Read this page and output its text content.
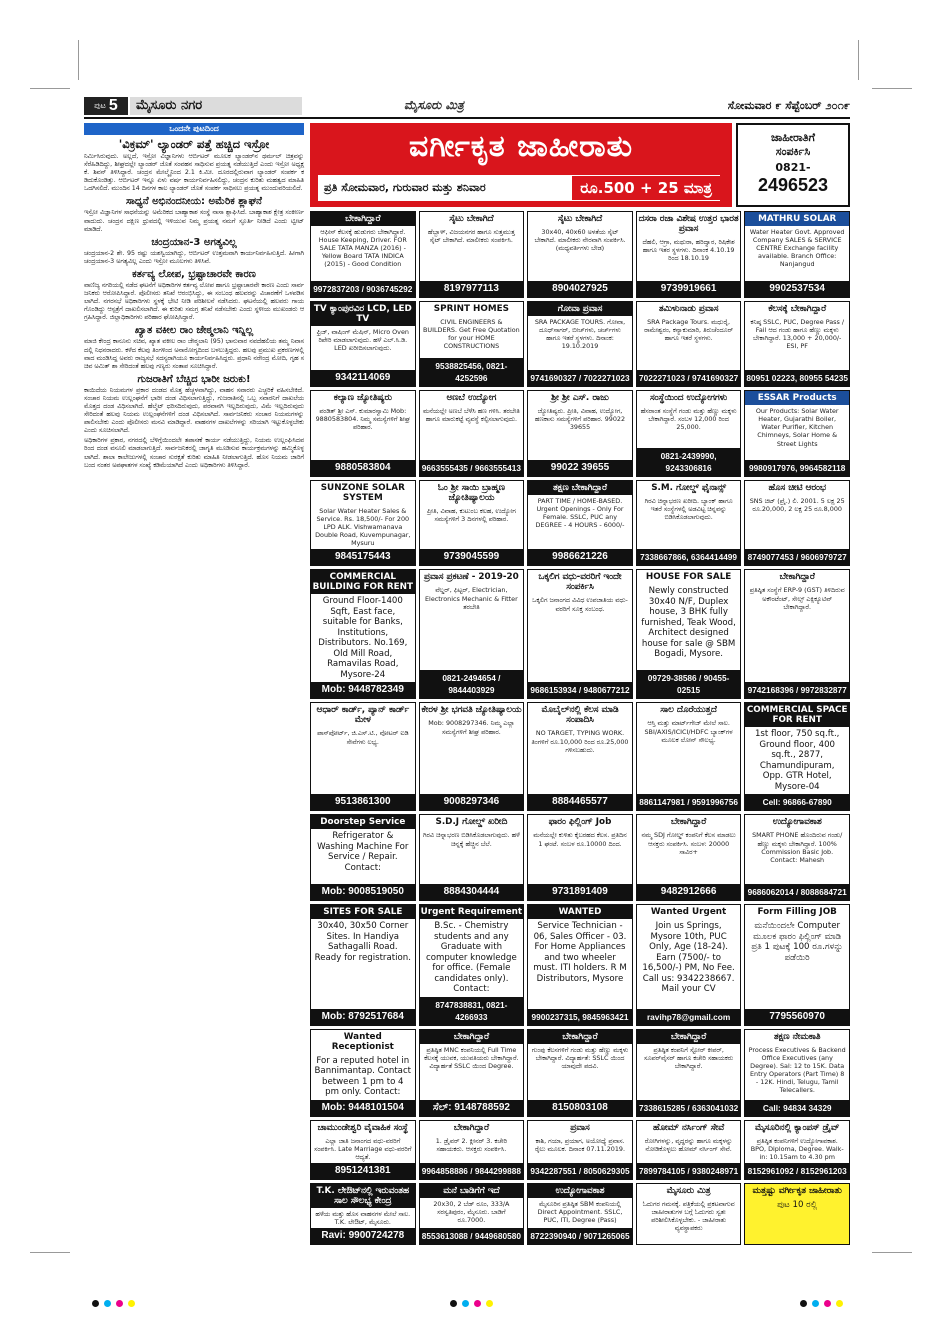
ಪುಟ 5	ಮೈಸೂರು ನಗರ	ಮೈಸೂರು ಮಿತ್ರ	ಸೋಮವಾರ ೯ ಸೆಪ್ಟೆಂಬರ್ ೨೦೧೯
ಒಂದನೇ ಪುಟದಿಂದ
'ವಿಕ್ರಮ್' ಲ್ಯಾಂಡರ್ ಪತ್ತೆ ಹಚ್ಚಿದ ಇಸ್ರೋ

ನಿರ್ಮಿಸಿರುವುದು. ಅಲ್ಲದೆ, ಇಸ್ರೋ ವಿಜ್ಞಾನಿಗಳು ಆರ್ಬಿಟರ್ ಮೂಲಕ ಲ್ಯಾಂಡರ್‌ನ ಥರ್ಮಲ್ ಚಿತ್ರವನ್ನು ಸೆರೆಹಿಡಿದಿದ್ದು, ಶೀಘ್ರದಲ್ಲೇ ಲ್ಯಾಂಡರ್ ಜೊತೆ ಸಂವಹನ ಸಾಧಿಸುವ ಪ್ರಯತ್ನ ನಡೆಯುತ್ತಿದೆ ಎಂದು ಇಸ್ರೋ ಅಧ್ಯಕ್ಷ ಕೆ. ಶಿವನ್ ತಿಳಿಸಿದ್ದಾರೆ. ಚಂದ್ರನ ಮೇಲ್ಮೈನಿಂದ 2.1 ಕಿ.ಮೀ. ದೂರದಲ್ಲಿರುವಾಗ ಲ್ಯಾಂಡರ್ ಸಂಪರ್ಕ ಕಡಿದುಕೊಂಡಿತ್ತು. ಆರ್ಬಿಟರ್ ಇನ್ನೂ ಏಳು ವರ್ಷ ಕಾರ್ಯನಿರ್ವಹಿಸಲಿದ್ದು, ಚಂದ್ರನ ಕುರಿತು ಮಹತ್ವದ ಮಾಹಿತಿ ಒದಗಿಸಲಿದೆ. ಮುಂದಿನ 14 ದಿನಗಳ ಕಾಲ ಲ್ಯಾಂಡರ್ ಜೊತೆ ಸಂಪರ್ಕ ಸಾಧಿಸಲು ಪ್ರಯತ್ನ ಮುಂದುವರಿಯಲಿದೆ.

ಸಾಧ್ಯನೆ ಅಭಿನಂದನೀಯ: ಅಮೆರಿಕ ಶ್ಲಾಘನೆ

ಇಸ್ರೋ ವಿಜ್ಞಾನಿಗಳ ಸಾಧನೆಯನ್ನು ಅಮೆರಿಕದ ಬಾಹ್ಯಾಕಾಶ ಸಂಸ್ಥೆ ನಾಸಾ ಶ್ಲಾಘಿಸಿದೆ. ಬಾಹ್ಯಾಕಾಶ ಕ್ಷೇತ್ರ ಸಂಕೀರ್ಣವಾದುದು. ಚಂದ್ರನ ದಕ್ಷಿಣ ಧ್ರುವದಲ್ಲಿ ಇಳಿಯುವ ನಿಮ್ಮ ಪ್ರಯತ್ನ ನಮಗೆ ಸ್ಫೂರ್ತಿ ನೀಡಿದೆ ಎಂದು ಟ್ವೀಟ್ ಮಾಡಿದೆ.

ಚಂದ್ರಯಾನ-3 ಅಗತ್ಯವಿಲ್ಲ

ಚಂದ್ರಯಾನ-2 ಶೇ. 95 ರಷ್ಟು ಯಶಸ್ವಿಯಾಗಿದ್ದು, ಆರ್ಬಿಟರ್ ಉತ್ತಮವಾಗಿ ಕಾರ್ಯನಿರ್ವಹಿಸುತ್ತಿದೆ. ಹೀಗಾಗಿ ಚಂದ್ರಯಾನ-3 ಅಗತ್ಯವಿಲ್ಲ ಎಂದು ಇಸ್ರೋ ಮೂಲಗಳು ತಿಳಿಸಿವೆ.

ಕರ್ತವ್ಯ ಲೋಪ, ಭ್ರಷ್ಟಾಚಾರವೇ ಕಾರಣ

ವಾಣಿಜ್ಯ ನಗರಿಯಲ್ಲಿ ನಡೆದ ಘಟನೆಗೆ ಅಧಿಕಾರಿಗಳ ಕರ್ತವ್ಯ ಲೋಪ ಹಾಗೂ ಭ್ರಷ್ಟಾಚಾರವೇ ಕಾರಣ ಎಂದು ಸಾರ್ವಜನಿಕರು ಆರೋಪಿಸಿದ್ದಾರೆ. ಪೊಲೀಸರು ತನಿಖೆ ಆರಂಭಿಸಿದ್ದು, ಈ ಸಂಬಂಧ ಹಲವರನ್ನು ವಿಚಾರಣೆಗೆ ಒಳಪಡಿಸಲಾಗಿದೆ. ನಗರಸಭೆ ಅಧಿಕಾರಿಗಳು ಸ್ಥಳಕ್ಕೆ ಭೇಟಿ ನೀಡಿ ಪರಿಶೀಲನೆ ನಡೆಸಿದರು. ಘಟನೆಯಲ್ಲಿ ಹಲವರು ಗಾಯಗೊಂಡಿದ್ದು ಆಸ್ಪತ್ರೆಗೆ ದಾಖಲಿಸಲಾಗಿದೆ. ಈ ಕುರಿತು ಸಮಗ್ರ ತನಿಖೆ ನಡೆಸಬೇಕು ಎಂದು ಸ್ಥಳೀಯ ಮುಖಂಡರು ಆಗ್ರಹಿಸಿದ್ದಾರೆ. ಜಿಲ್ಲಾಧಿಕಾರಿಗಳು ಪರಿಹಾರ ಘೋಷಿಸಿದ್ದಾರೆ.

ಖ್ಯಾತ ವಕೀಲ ರಾಂ ಜೇಠ್ಮಲಾನಿ ಇನ್ನಿಲ್ಲ

ಮಾಜಿ ಕೇಂದ್ರ ಕಾನೂನು ಸಚಿವ, ಖ್ಯಾತ ವಕೀಲ ರಾಂ ಜೇಠ್ಮಲಾನಿ (95) ಭಾನುವಾರ ನವದೆಹಲಿಯ ತಮ್ಮ ನಿವಾಸದಲ್ಲಿ ನಿಧನರಾದರು. ಕಳೆದ ಕೆಲವು ತಿಂಗಳಿಂದ ಅನಾರೋಗ್ಯದಿಂದ ಬಳಲುತ್ತಿದ್ದರು. ಹಲವು ಪ್ರಮುಖ ಪ್ರಕರಣಗಳಲ್ಲಿ ವಾದ ಮಂಡಿಸಿದ್ದ ಅವರು ರಾಜ್ಯಸಭೆ ಸದಸ್ಯರಾಗಿಯೂ ಕಾರ್ಯನಿರ್ವಹಿಸಿದ್ದರು. ಪ್ರಧಾನಿ ನರೇಂದ್ರ ಮೋದಿ, ಗೃಹ ಸಚಿವ ಅಮಿತ್ ಶಾ ಸೇರಿದಂತೆ ಹಲವು ಗಣ್ಯರು ಸಂತಾಪ ಸೂಚಿಸಿದ್ದಾರೆ.

ಗುಜರಾತಿಗೆ ಬೆಚ್ಚಿದ ಭಾರೀ ಜರುಕು!

ಕಾಯಿದೆಯ ನಿಯಮಗಳ ಪ್ರಕಾರ ದಂಡದ ಮೊತ್ತ ಹೆಚ್ಚಳವಾಗಿದ್ದು, ವಾಹನ ಸವಾರರು ಎಚ್ಚರಿಕೆ ವಹಿಸಬೇಕಿದೆ. ಸಂಚಾರ ನಿಯಮ ಉಲ್ಲಂಘನೆಗೆ ಭಾರೀ ದಂಡ ವಿಧಿಸಲಾಗುತ್ತಿದ್ದು, ಗುಜರಾತಿನಲ್ಲಿ ಒಬ್ಬ ಸವಾರನಿಗೆ ದಾಖಲೆಯ ಮೊತ್ತದ ದಂಡ ವಿಧಿಸಲಾಗಿದೆ. ಹೆಲ್ಮೆಟ್ ಧರಿಸದಿರುವುದು, ಪರವಾನಗಿ ಇಲ್ಲದಿರುವುದು, ವಿಮೆ ಇಲ್ಲದಿರುವುದು ಸೇರಿದಂತೆ ಹಲವು ನಿಯಮ ಉಲ್ಲಂಘನೆಗಳಿಗೆ ದಂಡ ವಿಧಿಸಲಾಗಿದೆ. ಸಾರ್ವಜನಿಕರು ಸಂಚಾರ ನಿಯಮಗಳನ್ನು ಪಾಲಿಸಬೇಕು ಎಂದು ಪೊಲೀಸರು ಮನವಿ ಮಾಡಿದ್ದಾರೆ. ವಾಹನಗಳ ದಾಖಲೆಗಳನ್ನು ಸರಿಯಾಗಿ ಇಟ್ಟುಕೊಳ್ಳಬೇಕು ಎಂದು ಸೂಚಿಸಲಾಗಿದೆ.

ಅಧಿಕಾರಿಗಳ ಪ್ರಕಾರ, ನಗರದಲ್ಲಿ ಬೆಳಿಗ್ಗೆಯಿಂದಲೇ ತಪಾಸಣೆ ಕಾರ್ಯ ನಡೆಯುತ್ತಿದ್ದು, ನಿಯಮ ಉಲ್ಲಂಘಿಸಿದವರಿಂದ ದಂಡ ವಸೂಲಿ ಮಾಡಲಾಗುತ್ತಿದೆ. ಸಾರ್ವಜನಿಕರಲ್ಲಿ ಜಾಗೃತಿ ಮೂಡಿಸುವ ಕಾರ್ಯಕ್ರಮಗಳನ್ನು ಹಮ್ಮಿಕೊಳ್ಳಲಾಗಿದೆ. ಶಾಲಾ ಕಾಲೇಜುಗಳಲ್ಲಿ ಸಂಚಾರ ಸುರಕ್ಷತೆ ಕುರಿತು ಮಾಹಿತಿ ನೀಡಲಾಗುತ್ತಿದೆ. ಹೊಸ ನಿಯಮ ಜಾರಿಗೆ ಬಂದ ನಂತರ ಅಪಘಾತಗಳ ಸಂಖ್ಯೆ ಕಡಿಮೆಯಾಗಿದೆ ಎಂದು ಅಧಿಕಾರಿಗಳು ತಿಳಿಸಿದ್ದಾರೆ.

ವರ್ಗೀಕೃತ ಜಾಹೀರಾತು
ಪ್ರತಿ ಸೋಮವಾರ, ಗುರುವಾರ ಮತ್ತು ಶನಿವಾರ	ರೂ.500 + 25 ಮಾತ್ರ
ಜಾಹೀರಾತಿಗೆ
ಸಂಪರ್ಕಿಸಿ
0821-
2496523
ಬೇಕಾಗಿದ್ದಾರೆ
ಆಫೀಸ್ ಕೆಲಸಕ್ಕೆ ಹುಡುಗರು ಬೇಕಾಗಿದ್ದಾರೆ. House Keeping, Driver. FOR SALE TATA MANZA (2016) - Yellow Board TATA INDICA (2015) - Good Condition
9972837203 / 9036745292
ಸೈಟು ಬೇಕಾಗಿದೆ
ಹೆಬ್ಬಾಳ್, ವಿಜಯನಗರ ಹಾಗೂ ಸುತ್ತಮುತ್ತ ಸೈಟ್ ಬೇಕಾಗಿದೆ. ಮಾಲೀಕರು ಸಂಪರ್ಕಿಸಿ.
8197977113
ಸೈಟು ಬೇಕಾಗಿದೆ
30x40, 40x60 ಅಳತೆಯ ಸೈಟ್ ಬೇಕಾಗಿದೆ. ಮಾಲೀಕರು ನೇರವಾಗಿ ಸಂಪರ್ಕಿಸಿ. (ಮಧ್ಯವರ್ತಿಗಳು ಬೇಡ)
8904027925
ದಸರಾ ರಜಾ ವಿಶೇಷ ಉತ್ತರ ಭಾರತ ಪ್ರವಾಸ
ದೆಹಲಿ, ಆಗ್ರಾ, ಮಥುರಾ, ಹರಿದ್ವಾರ, ರಿಷಿಕೇಶ ಹಾಗೂ ಇತರ ಸ್ಥಳಗಳು. ದಿನಾಂಕ 4.10.19 ರಿಂದ 18.10.19
9739919661
MATHRU SOLAR
Water Heater Govt. Approved Company SALES & SERVICE CENTRE Exchange facility available. Branch Office: Nanjangud
9902537534
TV ಕ್ಯಾಂಪುರವಿರ LCD, LED TV
ಫ್ರಿಜ್, ವಾಷಿಂಗ್ ಮೆಷಿನ್, Micro Oven ರಿಪೇರಿ ಮಾಡಲಾಗುವುದು. ಹಳೆ ಎಲ್.ಸಿ.ಡಿ. LED ಖರೀದಿಸಲಾಗುವುದು.
9342114069
SPRINT HOMES
CIVIL ENGINEERS & BUILDERS. Get Free Quotation for your HOME CONSTRUCTIONS
9538825456, 0821-4252596
ಗೋವಾ ಪ್ರವಾಸ
SRA PACKAGE TOURS. ಗೋವಾ, ದೂಧ್‌ಸಾಗರ್, ಬೀಚ್‌ಗಳು, ಚರ್ಚ್‌ಗಳು ಹಾಗೂ ಇತರೆ ಸ್ಥಳಗಳು. ದಿನಾಂಕ: 19.10.2019
9741690327 / 7022271023
ತಮಿಳುನಾಡು ಪ್ರವಾಸ
SRA Package Tours. ಮಧುರೈ, ರಾಮೇಶ್ವರಂ, ಕನ್ಯಾಕುಮಾರಿ, ತಿರುಚೆಂದೂರ್ ಹಾಗೂ ಇತರೆ ಸ್ಥಳಗಳು.
7022271023 / 9741690327
ಕೆಲಸಕ್ಕೆ ಬೇಕಾಗಿದ್ದಾರೆ
ಕನಿಷ್ಠ SSLC, PUC, Degree Pass / Fail ಆದ ಗಂಡು ಹಾಗೂ ಹೆಣ್ಣು ಮಕ್ಕಳು ಬೇಕಾಗಿದ್ದಾರೆ. 13,000 + 20,000/- ESI, PF
80951 02223, 80955 54235
ಕಲ್ಯಾಣ ಜ್ಯೋತಿಷ್ಯರು
ಪಂಡಿತ್ ಶ್ರೀ ಎಸ್. ಕುಮಾರಸ್ವಾಮಿ Mob: 9880583804. ನಿಮ್ಮ ಸಮಸ್ಯೆಗಳಿಗೆ ಶೀಘ್ರ ಪರಿಹಾರ.
9880583804
ಅಣಬೆ ಉದ್ಯೋಗ
ಮನೆಯಲ್ಲೇ ಅಣಬೆ ಬೆಳೆಸಿ ಹಣ ಗಳಿಸಿ. ತರಬೇತಿ ಹಾಗೂ ಮಾರುಕಟ್ಟೆ ವ್ಯವಸ್ಥೆ ಕಲ್ಪಿಸಲಾಗುವುದು.
9663555435 / 9663555413
ಶ್ರೀ ಶ್ರೀ ಎಸ್. ರಾಜು
ಜ್ಯೋತಿಷ್ಯರು. ಪ್ರೀತಿ, ವಿವಾಹ, ಉದ್ಯೋಗ, ಹಣಕಾಸು ಸಮಸ್ಯೆಗಳಿಗೆ ಪರಿಹಾರ. 99022 39655
99022 39655
ಸಂಸ್ಥೆಯಿಂದ ಉದ್ಯೋಗಗಳು
ಹೆಸರಾಂತ ಸಂಸ್ಥೆಗೆ ಗಂಡು ಮತ್ತು ಹೆಣ್ಣು ಮಕ್ಕಳು ಬೇಕಾಗಿದ್ದಾರೆ. ಸಂಬಳ 12,000 ರಿಂದ 25,000.
0821-2439990, 9243306816
ESSAR Products
Our Products: Solar Water Heater, Gujarathi Boiler, Water Purifier, Kitchen Chimneys, Solar Home & Street Lights
9980917976, 9964582118
SUNZONE SOLAR SYSTEM
Solar Water Heater Sales & Service. Rs. 18,500/- For 200 LPD ALK. Vishwamanava Double Road, Kuvempunagar, Mysuru
9845175443
ಓಂ ಶ್ರೀ ಸಾಯಿ ಬ್ರಾಹ್ಮಣ ಜ್ಯೋತಿಷ್ಯಾಲಯ
ಪ್ರೀತಿ, ವಿವಾಹ, ಕುಟುಂಬ ಕಲಹ, ಉದ್ಯೋಗ ಸಮಸ್ಯೆಗಳಿಗೆ 3 ದಿನಗಳಲ್ಲಿ ಪರಿಹಾರ.
9739045599
ತಕ್ಷಣ ಬೇಕಾಗಿದ್ದಾರೆ
PART TIME / HOME-BASED. Urgent Openings - Only For Female. SSLC, PUC any DEGREE - 4 HOURS - 6000/-
9986621226
S.M. ಗೋಲ್ಡ್ ಫೈನಾನ್ಸ್
ಗಿರವಿ ಚಿನ್ನಾಭರಣ ಖರೀದಿ. ಬ್ಯಾಂಕ್ ಹಾಗೂ ಇತರೆ ಸಂಸ್ಥೆಗಳಲ್ಲಿ ಅಡವಿಟ್ಟ ಚಿನ್ನವನ್ನು ಬಿಡಿಸಿಕೊಡಲಾಗುವುದು.
7338667866, 6364414499
ಹೊಸ ಚೀಟಿ ಆರಂಭ
SNS ಚಿಟ್ (ಪ್ರೈ.) ಲಿ. 2001. 5 ಲಕ್ಷ 25 ರೂ.20,000, 2 ಲಕ್ಷ 25 ರೂ.8,000
8749077453 / 9606979727
COMMERCIAL BUILDING FOR RENT
Ground Floor-1400 Sqft, East face, suitable for Banks, Institutions, Distributors. No.169, Old Mill Road, Ramavilas Road, Mysore-24
Mob: 9448782349
ಪ್ರವಾಸ ಪ್ರಕಟಣೆ - 2019-20
ವೆಲ್ಡರ್, ಫಿಟ್ಟರ್, Electrician, Electronics Mechanic & Fitter ತರಬೇತಿ
0821-2494654 / 9844403929
ಒಕ್ಕಲಿಗ ವಧು-ವರರಿಗೆ ಇಂದೇ ಸಂಪರ್ಕಿಸಿ
ಒಕ್ಕಲಿಗ ಜನಾಂಗದ ವಿವಿಧ ಉಪಜಾತಿಯ ವಧು-ವರರಿಗೆ ಸೂಕ್ತ ಸಂಬಂಧ.
9686153934 / 9480677212
HOUSE FOR SALE
Newly constructed 30x40 N/F, Duplex house, 3 BHK fully furnished, Teak Wood, Architect designed house for sale @ SBM Bogadi, Mysore.
09729-38586 / 90455-02515
ಬೇಕಾಗಿದ್ದಾರೆ
ಪ್ರತಿಷ್ಠಿತ ಸಂಸ್ಥೆಗೆ ERP-9 (GST) ತಿಳಿದಿರುವ ಅಕೌಂಟೆಂಟ್, ಸೇಲ್ಸ್ ಎಕ್ಸಿಕ್ಯೂಟಿವ್ ಬೇಕಾಗಿದ್ದಾರೆ.
9742168396 / 9972832877
ಆಧಾರ್ ಕಾರ್ಡ್, ಪ್ಯಾನ್ ಕಾರ್ಡ್ ಮೇಳ
ಪಾಸ್‌ಪೋರ್ಟ್, ಜಿ.ಎಸ್.ಟಿ., ವೋಟರ್ ಐಡಿ ಸೇವೆಗಳು ಲಭ್ಯ.
9513861300
ಕೇರಳ ಶ್ರೀ ಭಗವತಿ ಜ್ಯೋತಿಷ್ಯಾಲಯ
Mob: 9008297346. ನಿಮ್ಮ ಎಲ್ಲಾ ಸಮಸ್ಯೆಗಳಿಗೆ ಶೀಘ್ರ ಪರಿಹಾರ.
9008297346
ಮೊಬೈಲ್‌ನಲ್ಲಿ ಕೆಲಸ ಮಾಡಿ ಸಂಪಾದಿಸಿ
NO TARGET, TYPING WORK. ತಿಂಗಳಿಗೆ ರೂ.10,000 ರಿಂದ ರೂ.25,000 ಗಳಿಸಬಹುದು.
8884465577
ಸಾಲ ದೊರೆಯುತ್ತದೆ
ಆಸ್ತಿ ಮತ್ತು ಮಾರ್ಟ್‌ಗೇಜ್ ಮೇಲೆ ಸಾಲ. SBI/AXIS/ICICI/HDFC ಬ್ಯಾಂಕ್‌ಗಳ ಮೂಲಕ ಲೋನ್ ಸೌಲಭ್ಯ.
8861147981 / 9591996756
COMMERCIAL SPACE FOR RENT
1st floor, 750 sq.ft., Ground floor, 400 sq.ft., 2877, Chamundipuram, Opp. GTR Hotel, Mysore-04
Cell: 96866-67890
Doorstep Service
Refrigerator & Washing Machine For Service / Repair. Contact:
Mob: 9008519050
S.D.J ಗೋಲ್ಡ್ ಖರೀದಿ
ಗಿರವಿ ಚಿನ್ನಾಭರಣ ಬಿಡಿಸಿಕೊಡಲಾಗುವುದು. ಹಳೆ ಚಿನ್ನಕ್ಕೆ ಹೆಚ್ಚಿನ ಬೆಲೆ.
8884304444
ಫಾರಂ ಫಿಲ್ಲಿಂಗ್ Job
ಮನೆಯಲ್ಲೇ ಕುಳಿತು ಕೈಬರಹದ ಕೆಲಸ. ಪ್ರತಿದಿನ 1 ಘಂಟೆ. ಸಂಬಳ ರೂ.10000 ದಿಂದ.
9731891409
ಬೇಕಾಗಿದ್ದಾರೆ
ನಮ್ಮ SDJ ಗೋಲ್ಡ್ ಕಂಪನಿಗೆ ಕೆಲಸ ಮಾಡಲು ಆಸಕ್ತರು ಸಂಪರ್ಕಿಸಿ. ಸಂಬಳ: 20000 ಸಾವಿರ+
9482912666
ಉದ್ಯೋಗಾವಕಾಶ
SMART PHONE ಹೊಂದಿರುವ ಗಂಡು/ಹೆಣ್ಣು ಮಕ್ಕಳು ಬೇಕಾಗಿದ್ದಾರೆ. 100% Commission Basic Job. Contact: Mahesh
9686062014 / 8088684721
SITES FOR SALE
30x40, 30x50 Corner Sites. In Handiya Sathagalli Road. Ready for registration.
Mob: 8792517684
Urgent Requirement
B.Sc. - Chemistry students and any Graduate with computer knowledge for office. (Female candidates only). Contact:
8747838831, 0821-4266933
WANTED
Service Technician - 06, Sales Officer - 03. For Home Appliances and two wheeler must. ITI holders. R M Distributors, Mysore
9900237315, 9845963421
Wanted Urgent
Join us Springs, Mysore 10th, PUC Only, Age (18-24). Earn (7500/- to 16,500/-) PM, No Fee. Call us: 9342238667. Mail your CV
ravihp78@gmail.com
Form Filling JOB
ಮನೆಯಿಂದಲೇ Computer ಮೂಲಕ ಫಾರಂ ಫಿಲ್ಲಿಂಗ್ ಮಾಡಿ ಪ್ರತಿ 1 ಪುಟಕ್ಕೆ 100 ರೂ.ಗಳನ್ನು ಪಡೆಯಿರಿ
7795560970
Wanted Receptionist
For a reputed hotel in Bannimantap. Contact between 1 pm to 4 pm only. Contact:
Mob: 9448101504
ಬೇಕಾಗಿದ್ದಾರೆ
ಪ್ರತಿಷ್ಠಿತ MNC ಕಂಪನಿಯಲ್ಲಿ Full Time ಕೆಲಸಕ್ಕೆ ಯುವಕ, ಯುವತಿಯರು ಬೇಕಾಗಿದ್ದಾರೆ. ವಿದ್ಯಾರ್ಹತೆ SSLC ಯಿಂದ Degree.
ಸೆಲ್: 9148788592
ಬೇಕಾಗಿದ್ದಾರೆ
ಗುಂಪು ಕೆಲಸಗಳಿಗೆ ಗಂಡು ಮತ್ತು ಹೆಣ್ಣು ಮಕ್ಕಳು ಬೇಕಾಗಿದ್ದಾರೆ. ವಿದ್ಯಾರ್ಹತೆ: SSLC ಯಿಂದ ಯಾವುದೇ ಪದವಿ.
8150803108
ಬೇಕಾಗಿದ್ದಾರೆ
ಪ್ರತಿಷ್ಠಿತ ಕಂಪನಿಗೆ ಸ್ಟೋರ್ ಕೀಪರ್, ಸೂಪರ್‌ವೈಸರ್ ಹಾಗೂ ಕಚೇರಿ ಸಹಾಯಕರು ಬೇಕಾಗಿದ್ದಾರೆ.
7338615285 / 6363041032
ತಕ್ಷಣ ನೇಮಕಾತಿ
Process Executives & Backend Office Executives (any Degree). Sal: 12 to 15K. Data Entry Operators (Part Time) 8 - 12K. Hindi, Telugu, Tamil Telecallers.
Call: 94834 34329
ಚಾಮುಂಡೇಶ್ವರಿ ವೈವಾಹಿಕ ಸಂಸ್ಥೆ
ಎಲ್ಲಾ ಜಾತಿ ಜನಾಂಗದ ವಧು-ವರರಿಗೆ ಸಂಪರ್ಕಿಸಿ. Late Marriage ವಧು-ವರರಿಗೆ ಆದ್ಯತೆ.
8951241381
ಬೇಕಾಗಿದ್ದಾರೆ
1. ಡ್ರೈವರ್ 2. ಕ್ಲೀನರ್ 3. ಕಚೇರಿ ಸಹಾಯಕರು. ಆಸಕ್ತರು ಸಂಪರ್ಕಿಸಿ.
9964858886 / 9844299888
ಪ್ರವಾಸ
ಕಾಶಿ, ಗಯಾ, ಪ್ರಯಾಗ, ಅಯೋಧ್ಯೆ ಪ್ರವಾಸ. ರೈಲು ಮೂಲಕ. ದಿನಾಂಕ 07.11.2019.
9342287551 / 8050629305
ಹೋಮ್ ನರ್ಸಿಂಗ್ ಸೇವೆ
ರೋಗಿಗಳನ್ನು, ವೃದ್ಧರನ್ನು ಹಾಗೂ ಮಕ್ಕಳನ್ನು ನೋಡಿಕೊಳ್ಳಲು ಹೋಮ್ ನರ್ಸಿಂಗ್ ಸೇವೆ.
7899784105 / 9380248971
ಮೈಸೂರಿನಲ್ಲಿ ಕ್ಯಾಂಪಸ್ ಡ್ರೈವ್
ಪ್ರತಿಷ್ಠಿತ ಕಂಪನಿಗಳಿಗೆ ಉದ್ಯೋಗಾವಕಾಶ. BPO, Diploma, Degree. Walk-in: 10.15am to 4.30 pm
8152961092 / 8152961203
T.K. ಲೇಔಟ್‌ನಲ್ಲಿ ಇರುವಂತಹ ಸಾಲ ಸೌಲಭ್ಯ ಕೇಂದ್ರ
ಹಳೆಯ ಮತ್ತು ಹೊಸ ವಾಹನಗಳ ಮೇಲೆ ಸಾಲ. T.K. ಲೇಔಟ್, ಮೈಸೂರು.
Ravi: 9900724278
ಮನೆ ಬಾಡಿಗೆಗೆ ಇದೆ
20x30, 2 ಬೆಡ್ ರೂಂ, 333/A ಸರಸ್ವತಿಪುರಂ, ಮೈಸೂರು. ಬಾಡಿಗೆ ರೂ.7000.
8553613088 / 9449680580
ಉದ್ಯೋಗಾವಕಾಶ
ಮೈಸೂರಿನ ಪ್ರತಿಷ್ಠಿತ SBM ಕಂಪನಿಯಲ್ಲಿ Direct Appointment. SSLC, PUC, ITI, Degree (Pass)
8722390940 / 9071265065
ಮೈಸೂರು ಮಿತ್ರ
ಓದುಗರ ಗಮನಕ್ಕೆ. ಪತ್ರಿಕೆಯಲ್ಲಿ ಪ್ರಕಟವಾಗುವ ಜಾಹೀರಾತುಗಳ ಬಗ್ಗೆ ಓದುಗರು ಸ್ವತಃ ಪರಿಶೀಲಿಸಿಕೊಳ್ಳಬೇಕು. - ಜಾಹೀರಾತು ವ್ಯವಸ್ಥಾಪಕರು
ಮತ್ತಷ್ಟು ವರ್ಗೀಕೃತ ಜಾಹೀರಾತು
ಪುಟ 10 ರಲ್ಲಿ
